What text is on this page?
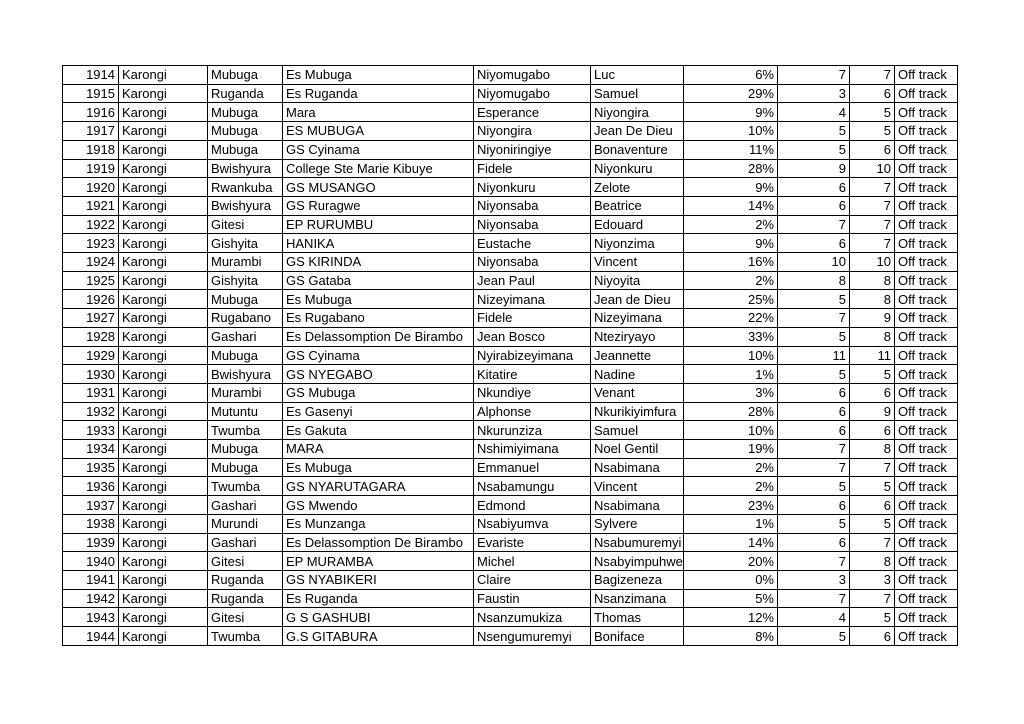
1914	Karongi	Mubuga	Es Mubuga	Niyomugabo	Luc	6%	7	7	Off track
1915	Karongi	Ruganda	Es Ruganda	Niyomugabo	Samuel	29%	3	6	Off track
1916	Karongi	Mubuga	Mara	Esperance	Niyongira	9%	4	5	Off track
1917	Karongi	Mubuga	ES MUBUGA	Niyongira	Jean De Dieu	10%	5	5	Off track
1918	Karongi	Mubuga	GS Cyinama	Niyoniringiye	Bonaventure	11%	5	6	Off track
1919	Karongi	Bwishyura	College Ste Marie Kibuye	Fidele	Niyonkuru	28%	9	10	Off track
1920	Karongi	Rwankuba	GS MUSANGO	Niyonkuru	Zelote	9%	6	7	Off track
1921	Karongi	Bwishyura	GS Ruragwe	Niyonsaba	Beatrice	14%	6	7	Off track
1922	Karongi	Gitesi	EP RURUMBU	Niyonsaba	Edouard	2%	7	7	Off track
1923	Karongi	Gishyita	HANIKA	Eustache	Niyonzima	9%	6	7	Off track
1924	Karongi	Murambi	GS KIRINDA	Niyonsaba	Vincent	16%	10	10	Off track
1925	Karongi	Gishyita	GS Gataba	Jean Paul	Niyoyita	2%	8	8	Off track
1926	Karongi	Mubuga	Es Mubuga	Nizeyimana	Jean de Dieu	25%	5	8	Off track
1927	Karongi	Rugabano	Es Rugabano	Fidele	Nizeyimana	22%	7	9	Off track
1928	Karongi	Gashari	Es Delassomption De Birambo	Jean Bosco	Nteziryayo	33%	5	8	Off track
1929	Karongi	Mubuga	GS Cyinama	Nyirabizeyimana	Jeannette	10%	11	11	Off track
1930	Karongi	Bwishyura	GS NYEGABO	Kitatire	Nadine	1%	5	5	Off track
1931	Karongi	Murambi	GS Mubuga	Nkundiye	Venant	3%	6	6	Off track
1932	Karongi	Mutuntu	Es Gasenyi	Alphonse	Nkurikiyimfura	28%	6	9	Off track
1933	Karongi	Twumba	Es Gakuta	Nkurunziza	Samuel	10%	6	6	Off track
1934	Karongi	Mubuga	MARA	Nshimiyimana	Noel Gentil	19%	7	8	Off track
1935	Karongi	Mubuga	Es Mubuga	Emmanuel	Nsabimana	2%	7	7	Off track
1936	Karongi	Twumba	GS NYARUTAGARA	Nsabamungu	Vincent	2%	5	5	Off track
1937	Karongi	Gashari	GS Mwendo	Edmond	Nsabimana	23%	6	6	Off track
1938	Karongi	Murundi	Es Munzanga	Nsabiyumva	Sylvere	1%	5	5	Off track
1939	Karongi	Gashari	Es Delassomption De Birambo	Evariste	Nsabumuremyi	14%	6	7	Off track
1940	Karongi	Gitesi	EP MURAMBA	Michel	Nsabyimpuhwe	20%	7	8	Off track
1941	Karongi	Ruganda	GS NYABIKERI	Claire	Bagizeneza	0%	3	3	Off track
1942	Karongi	Ruganda	Es Ruganda	Faustin	Nsanzimana	5%	7	7	Off track
1943	Karongi	Gitesi	G S GASHUBI	Nsanzumukiza	Thomas	12%	4	5	Off track
1944	Karongi	Twumba	G.S GITABURA	Nsengumuremyi	Boniface	8%	5	6	Off track
